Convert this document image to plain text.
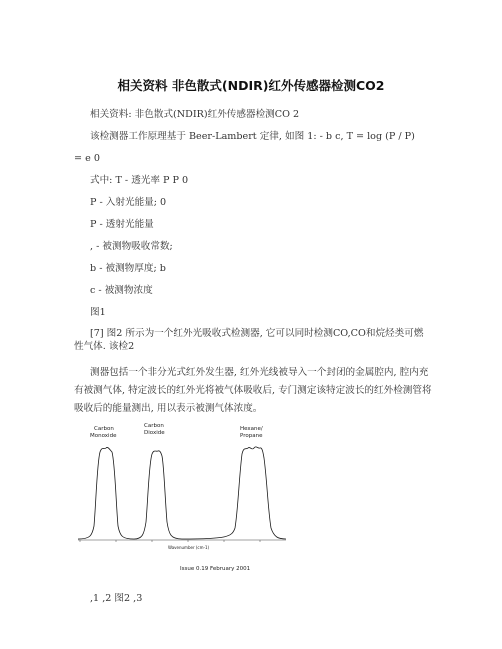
相关资料 非色散式(NDIR)红外传感器检测CO2
相关资料: 非色散式(NDIR)红外传感器检测CO 2
该检测器工作原理基于 Beer-Lambert 定律, 如图 1: - b c, T = log (P / P)
= e 0
式中: T - 透光率 P P 0
P - 入射光能量; 0
P - 透射光能量
, - 被测物吸收常数;
b - 被测物厚度; b
c - 被测物浓度
图1
[7] 图2 所示为一个红外光吸收式检测器, 它可以同时检测CO,CO和烷烃类可燃性气体. 该检2
测器包括一个非分光式红外发生器, 红外光线被导入一个封闭的金属腔内, 腔内充有被测气体, 特定波长的红外光将被气体吸收后, 专门测定该特定波长的红外检测管将吸收后的能量测出, 用以表示被测气体浓度。
Carbon
Monoxide
Carbon
Dioxide
Hexane/
Propane
Wavenumber (cm-1)
Issue 0.19 February 2001
,1 ,2 图2 ,3
